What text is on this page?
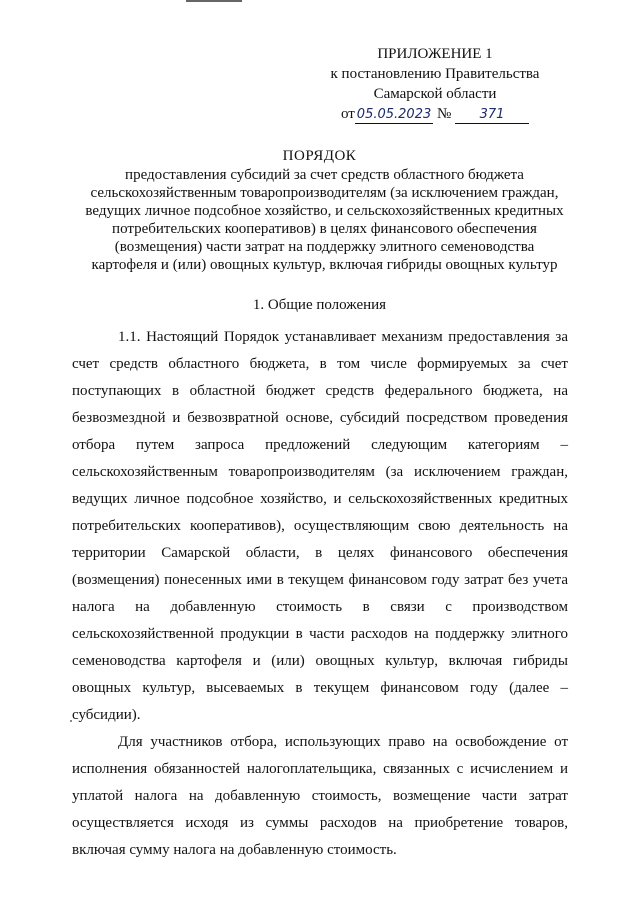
ПРИЛОЖЕНИЕ 1
к постановлению Правительства
Самарской области
от 05.05.2023 № 371
ПОРЯДОК
предоставления субсидий за счет средств областного бюджета
сельскохозяйственным товаропроизводителям (за исключением граждан,
ведущих личное подсобное хозяйство, и сельскохозяйственных кредитных
потребительских кооперативов) в целях финансового обеспечения
(возмещения) части затрат на поддержку элитного семеноводства
картофеля и (или) овощных культур, включая гибриды овощных культур
1. Общие положения

1.1. Настоящий Порядок устанавливает механизм предоставления за счет средств областного бюджета, в том числе формируемых за счет поступающих в областной бюджет средств федерального бюджета, на безвозмездной и безвозвратной основе, субсидий посредством проведения отбора путем запроса предложений следующим категориям – сельскохозяйственным товаропроизводителям (за исключением граждан, ведущих личное подсобное хозяйство, и сельскохозяйственных кредитных потребительских кооперативов), осуществляющим свою деятельность на территории Самарской области, в целях финансового обеспечения (возмещения) понесенных ими в текущем финансовом году затрат без учета налога на добавленную стоимость в связи с производством сельскохозяйственной продукции в части расходов на поддержку элитного семеноводства картофеля и (или) овощных культур, включая гибриды овощных культур, высеваемых в текущем финансовом году (далее – субсидии).

Для участников отбора, использующих право на освобождение от исполнения обязанностей налогоплательщика, связанных с исчислением и уплатой налога на добавленную стоимость, возмещение части затрат осуществляется исходя из суммы расходов на приобретение товаров, включая сумму налога на добавленную стоимость.
